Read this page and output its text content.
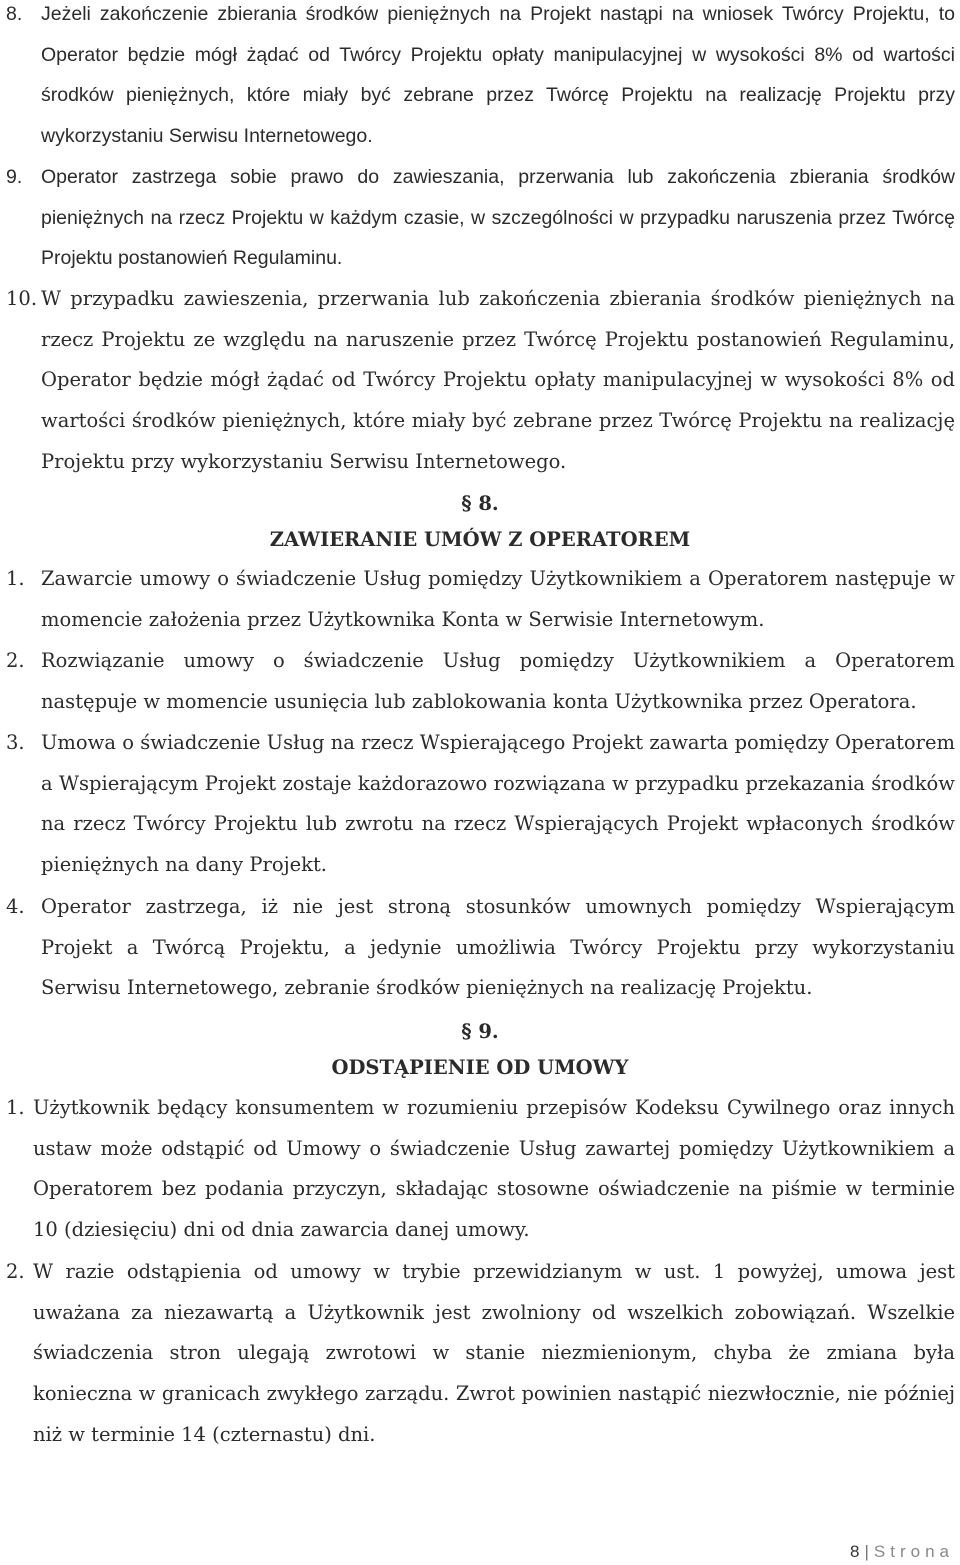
8. Jeżeli zakończenie zbierania środków pieniężnych na Projekt nastąpi na wniosek Twórcy Projektu, to Operator będzie mógł żądać od Twórcy Projektu opłaty manipulacyjnej w wysokości 8% od wartości środków pieniężnych, które miały być zebrane przez Twórcę Projektu na realizację Projektu przy wykorzystaniu Serwisu Internetowego.
9. Operator zastrzega sobie prawo do zawieszania, przerwania lub zakończenia zbierania środków pieniężnych na rzecz Projektu w każdym czasie, w szczególności w przypadku naruszenia przez Twórcę Projektu postanowień Regulaminu.
10. W przypadku zawieszenia, przerwania lub zakończenia zbierania środków pieniężnych na rzecz Projektu ze względu na naruszenie przez Twórcę Projektu postanowień Regulaminu, Operator będzie mógł żądać od Twórcy Projektu opłaty manipulacyjnej w wysokości 8% od wartości środków pieniężnych, które miały być zebrane przez Twórcę Projektu na realizację Projektu przy wykorzystaniu Serwisu Internetowego.
§ 8.
ZAWIERANIE UMÓW Z OPERATOREM
1. Zawarcie umowy o świadczenie Usług pomiędzy Użytkownikiem a Operatorem następuje w momencie założenia przez Użytkownika Konta w Serwisie Internetowym.
2. Rozwiązanie umowy o świadczenie Usług pomiędzy Użytkownikiem a Operatorem następuje w momencie usunięcia lub zablokowania konta Użytkownika przez Operatora.
3. Umowa o świadczenie Usług na rzecz Wspierającego Projekt zawarta pomiędzy Operatorem a Wspierającym Projekt zostaje każdorazowo rozwiązana w przypadku przekazania środków na rzecz Twórcy Projektu lub zwrotu na rzecz Wspierających Projekt wpłaconych środków pieniężnych na dany Projekt.
4. Operator zastrzega, iż nie jest stroną stosunków umownych pomiędzy Wspierającym Projekt a Twórcą Projektu, a jedynie umożliwia Twórcy Projektu przy wykorzystaniu Serwisu Internetowego, zebranie środków pieniężnych na realizację Projektu.
§ 9.
ODSTĄPIENIE OD UMOWY
1. Użytkownik będący konsumentem w rozumieniu przepisów Kodeksu Cywilnego oraz innych ustaw może odstąpić od Umowy o świadczenie Usług zawartej pomiędzy Użytkownikiem a Operatorem bez podania przyczyn, składając stosowne oświadczenie na piśmie w terminie 10 (dziesięciu) dni od dnia zawarcia danej umowy.
2. W razie odstąpienia od umowy w trybie przewidzianym w ust. 1 powyżej, umowa jest uważana za niezawartą a Użytkownik jest zwolniony od wszelkich zobowiązań. Wszelkie świadczenia stron ulegają zwrotowi w stanie niezmienionym, chyba że zmiana była konieczna w granicach zwykłego zarządu. Zwrot powinien nastąpić niezwłocznie, nie później niż w terminie 14 (czternastu) dni.
8 | Strona
